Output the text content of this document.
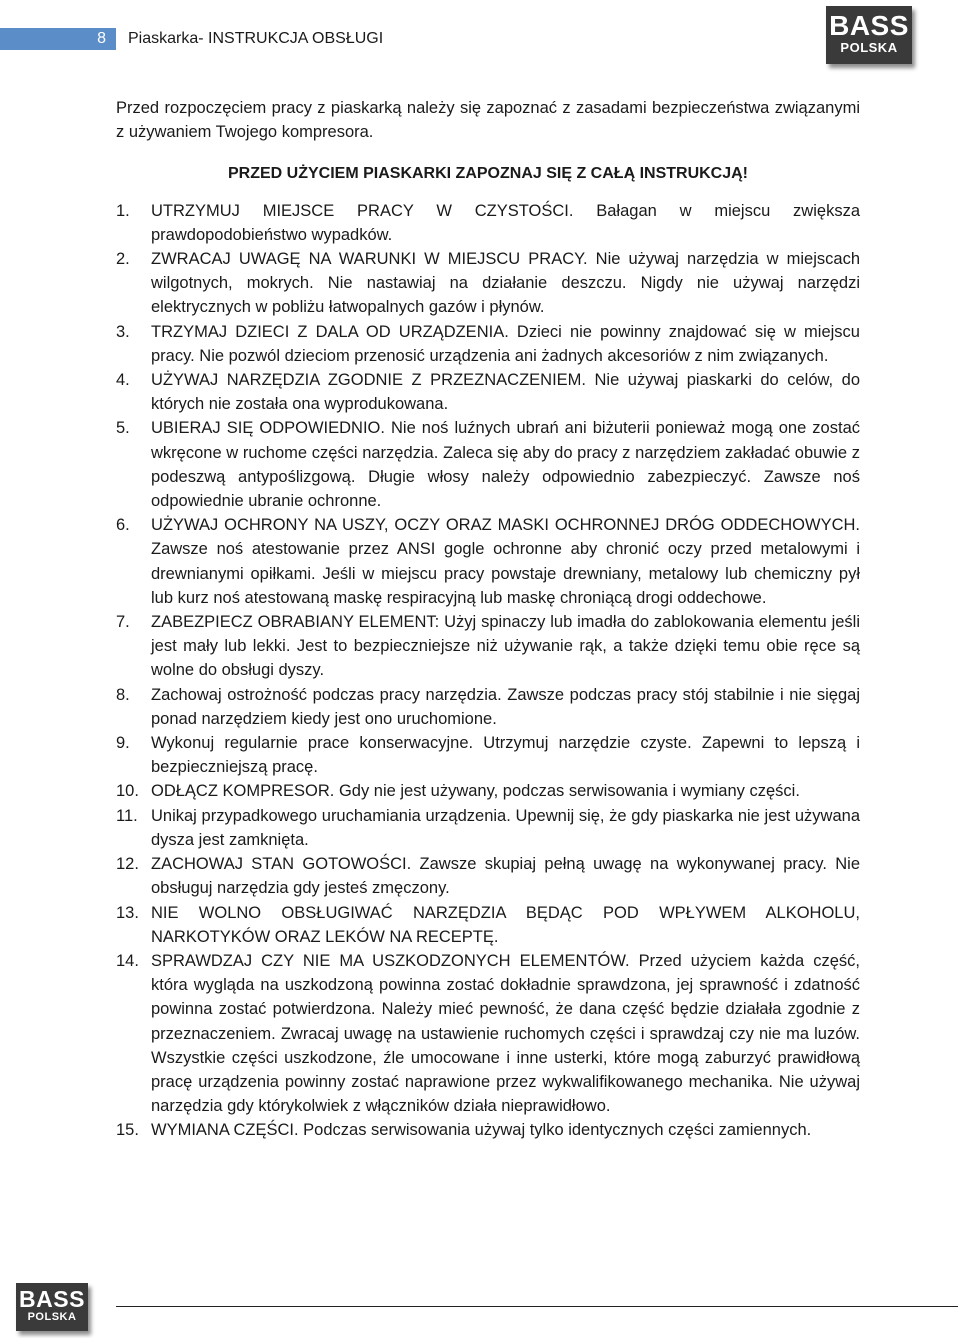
8 Piaskarka- INSTRUKCJA OBSŁUGI	BASS
POLSKA

Przed rozpoczęciem pracy z piaskarką należy się zapoznać z zasadami bezpieczeństwa związanymi z używaniem Twojego kompresora.

PRZED UŻYCIEM PIASKARKI ZAPOZNAJ SIĘ Z CAŁĄ INSTRUKCJĄ!
1.	UTRZYMUJ MIEJSCE PRACY W CZYSTOŚCI. Bałagan w miejscu zwiększa prawdopodobieństwo wypadków.
2.	ZWRACAJ UWAGĘ NA WARUNKI W MIEJSCU PRACY. Nie używaj narzędzia w miejscach wilgotnych, mokrych. Nie nastawiaj na działanie deszczu. Nigdy nie używaj narzędzi elektrycznych w pobliżu łatwopalnych gazów i płynów.
3.	TRZYMAJ DZIECI Z DALA OD URZĄDZENIA. Dzieci nie powinny znajdować się w miejscu pracy. Nie pozwól dzieciom przenosić urządzenia ani żadnych akcesoriów z nim związanych.
4.	UŻYWAJ NARZĘDZIA ZGODNIE Z PRZEZNACZENIEM. Nie używaj piaskarki do celów, do których nie została ona wyprodukowana.
5.	UBIERAJ SIĘ ODPOWIEDNIO. Nie noś luźnych ubrań ani biżuterii ponieważ mogą one zostać wkręcone w ruchome części narzędzia. Zaleca się aby do pracy z narzędziem zakładać obuwie z podeszwą antypoślizgową. Długie włosy należy odpowiednio zabezpieczyć. Zawsze noś odpowiednie ubranie ochronne.
6.	UŻYWAJ OCHRONY NA USZY, OCZY ORAZ MASKI OCHRONNEJ DRÓG ODDECHOWYCH. Zawsze noś atestowanie przez ANSI gogle ochronne aby chronić oczy przed metalowymi i drewnianymi opiłkami. Jeśli w miejscu pracy powstaje drewniany, metalowy lub chemiczny pył lub kurz noś atestowaną maskę respiracyjną lub maskę chroniącą drogi oddechowe.
7.	ZABEZPIECZ OBRABIANY ELEMENT: Użyj spinaczy lub imadła do zablokowania elementu jeśli jest mały lub lekki. Jest to bezpieczniejsze niż używanie rąk, a także dzięki temu obie ręce są wolne do obsługi dyszy.
8.	Zachowaj ostrożność podczas pracy narzędzia. Zawsze podczas pracy stój stabilnie i nie sięgaj ponad narzędziem kiedy jest ono uruchomione.
9.	Wykonuj regularnie prace konserwacyjne. Utrzymuj narzędzie czyste. Zapewni to lepszą i bezpieczniejszą pracę.
10. ODŁĄCZ KOMPRESOR. Gdy nie jest używany, podczas serwisowania i wymiany części.
11. Unikaj przypadkowego uruchamiania urządzenia. Upewnij się, że gdy piaskarka nie jest używana dysza jest zamknięta.
12. ZACHOWAJ STAN GOTOWOŚCI. Zawsze skupiaj pełną uwagę na wykonywanej pracy. Nie obsługuj narzędzia gdy jesteś zmęczony.
13. NIE WOLNO OBSŁUGIWAĆ NARZĘDZIA BĘDĄC POD WPŁYWEM ALKOHOLU, NARKOTYKÓW ORAZ LEKÓW NA RECEPTĘ.
14. SPRAWDZAJ CZY NIE MA USZKODZONYCH ELEMENTÓW. Przed użyciem każda część, która wygląda na uszkodzoną powinna zostać dokładnie sprawdzona, jej sprawność i zdatność powinna zostać potwierdzona. Należy mieć pewność, że dana część będzie działała zgodnie z przeznaczeniem. Zwracaj uwagę na ustawienie ruchomych części i sprawdzaj czy nie ma luzów. Wszystkie części uszkodzone, źle umocowane i inne usterki, które mogą zaburzyć prawidłową pracę urządzenia powinny zostać naprawione przez wykwalifikowanego mechanika. Nie używaj narzędzia gdy którykolwiek z włączników działa nieprawidłowo.
15. WYMIANA CZĘŚCI. Podczas serwisowania używaj tylko identycznych części zamiennych.
BASS
POLSKA
